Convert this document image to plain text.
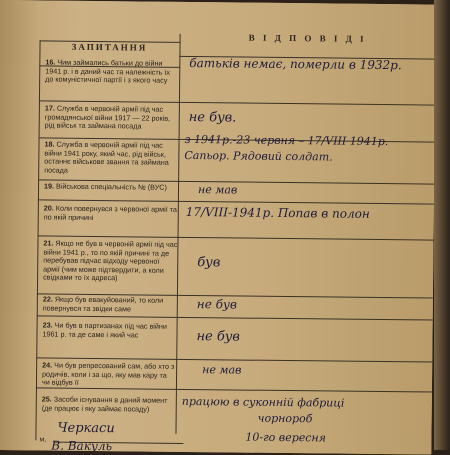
В І Д П О В І Д І
ЗАПИТАННЯ
16. Чим займались батьки до війни 1941 р. і в даний час та належність їх до комуністичної партії і з якого часу
батьків немає, померли в 1932р.
17. Служба в червоній армії під час громадянської війни 1917 — 22 років, рід військ та займана посада
не був.
18. Служба в червоній армії під час війни 1941 року, який час, рід військ, останнє військове звання та займана посада
з 1941р.-23 червня – 17/VIII 1941р.
Сапьор. Рядовий солдат.
19. Військова спеціальність № (ВУС)	не мав
20. Коли повернувся з червоної армії та по якій причині	17/VIII-1941р. Попав в полон
21. Якщо не був в червоній армії під час війни 1941 р., то по якій причині та де перебував підчас відходу червоної армії (чим може підтвердити, а коли свідками то їх адреса)
був
22. Якщо був евакуйований, то коли повернувся та звідки саме	не був
23. Чи був в партизанах під час війни 1961 р. та де саме і який час	не був
24. Чи був репресований сам, або хто з родичів, коли і за що, яку мав кару та чи відбув її
не мав
25. Засоби існування в даний момент (де працює і яку займає посаду)	працюю в суконній фабриці
чорнороб
м.
Черкаси
10-го вересня
В. Вакуль
